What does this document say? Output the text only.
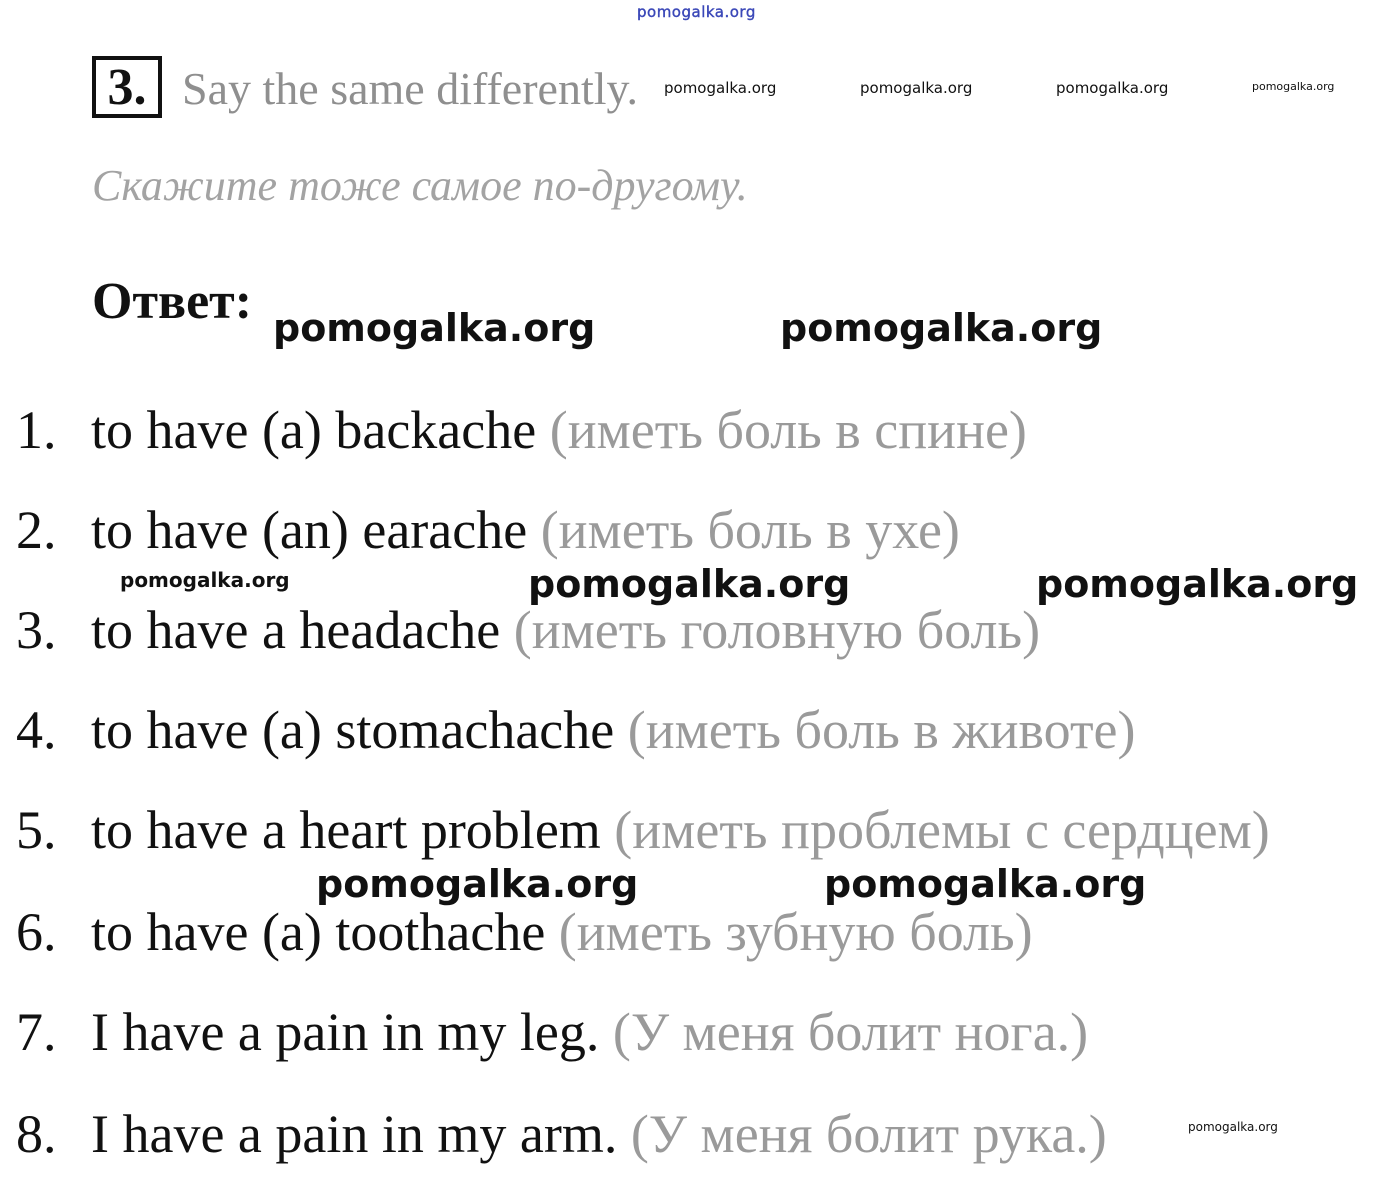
pomogalka.org
pomogalka.org	pomogalka.org	pomogalka.org	pomogalka.org
pomogalka.org	pomogalka.org
pomogalka.org	pomogalka.org	pomogalka.org
pomogalka.org	pomogalka.org
pomogalka.org
3. Say the same differently.
Скажите тоже самое по-другому.
Ответ:
1. to have (a) backache (иметь боль в спине)
2. to have (an) earache (иметь боль в ухе)
3. to have a headache (иметь головную боль)
4. to have (a) stomachache (иметь боль в животе)
5. to have a heart problem (иметь проблемы с сердцем)
6. to have (a) toothache (иметь зубную боль)
7. I have a pain in my leg. (У меня болит нога.)
8. I have a pain in my arm. (У меня болит рука.)
